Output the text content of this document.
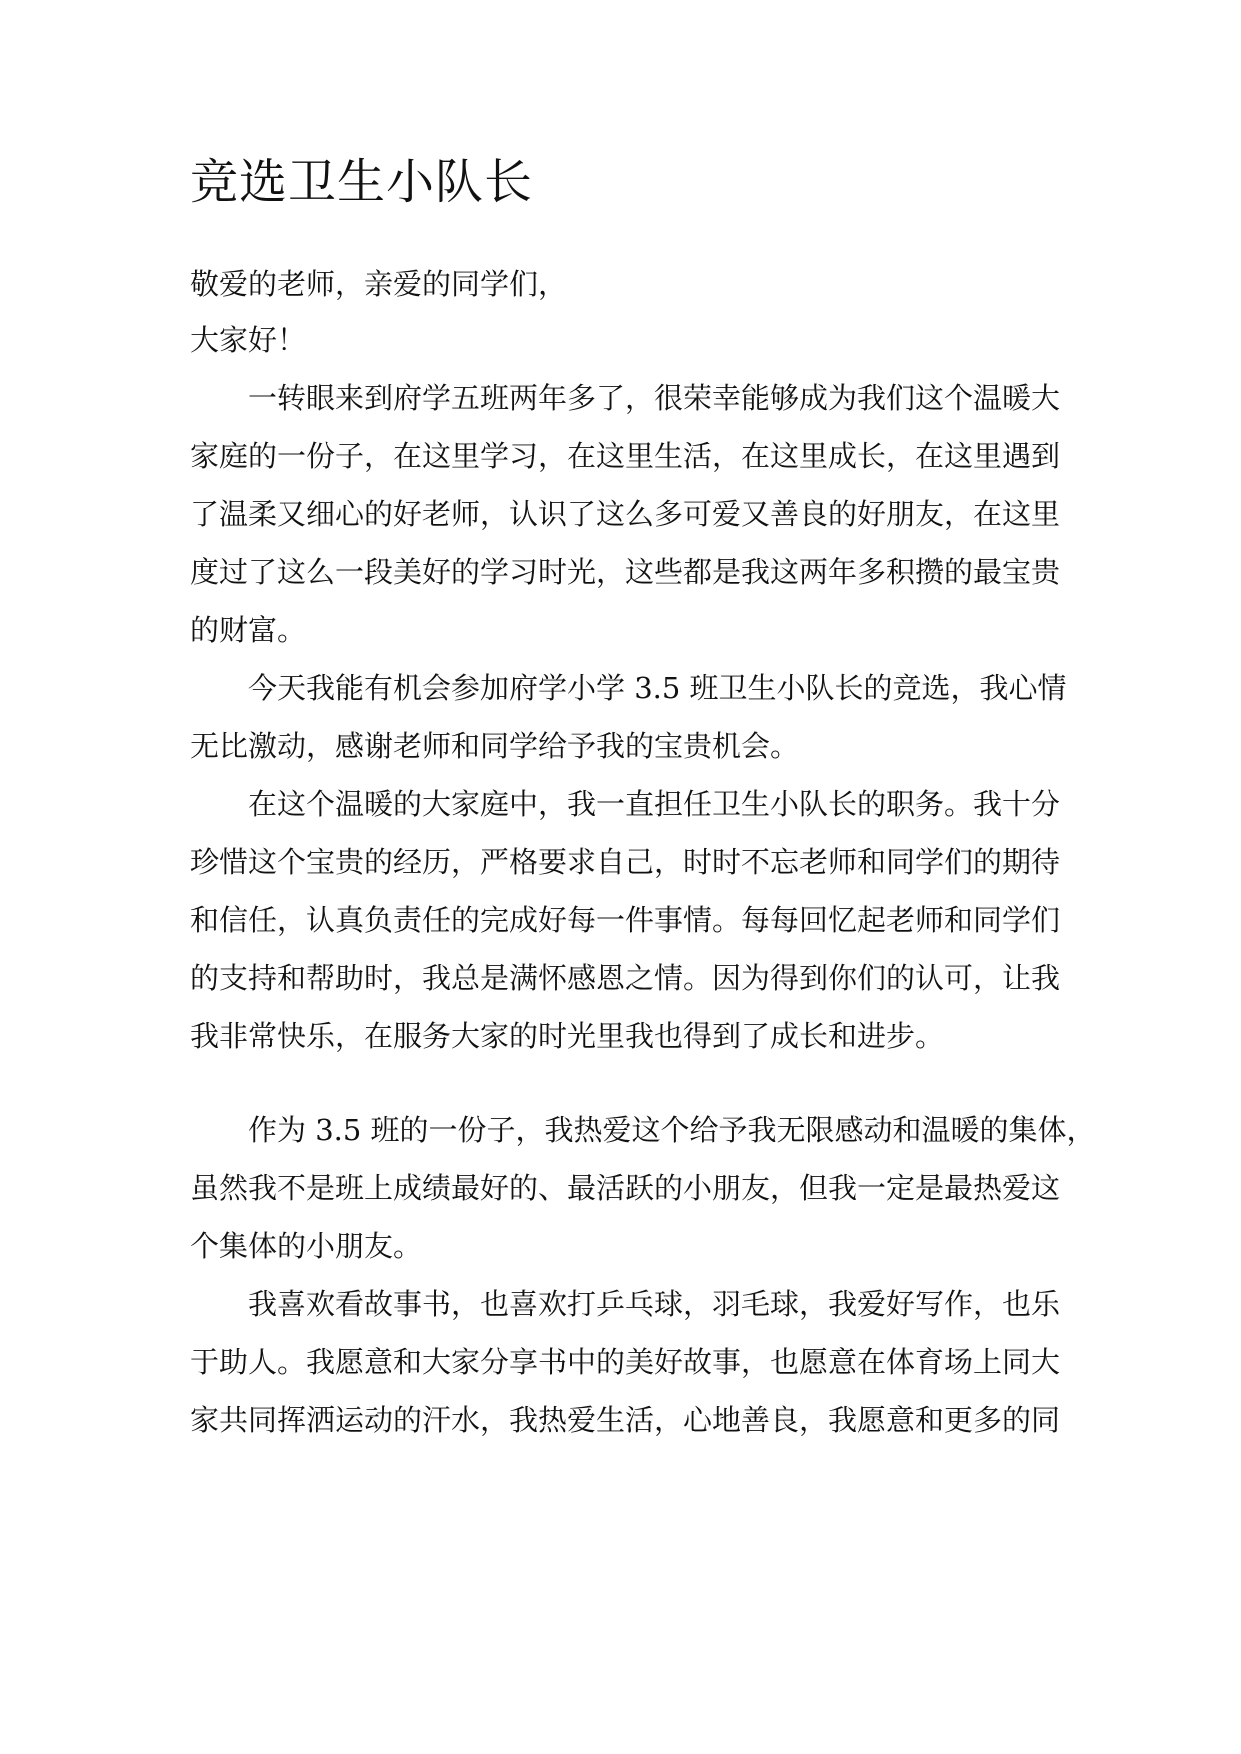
竞选卫生小队长

敬爱的老师，亲爱的同学们，

大家好！

一转眼来到府学五班两年多了，很荣幸能够成为我们这个温暖大

家庭的一份子，在这里学习，在这里生活，在这里成长，在这里遇到

了温柔又细心的好老师，认识了这么多可爱又善良的好朋友，在这里

度过了这么一段美好的学习时光，这些都是我这两年多积攒的最宝贵

的财富。

今天我能有机会参加府学小学 3.5 班卫生小队长的竞选，我心情

无比激动，感谢老师和同学给予我的宝贵机会。

在这个温暖的大家庭中，我一直担任卫生小队长的职务。我十分

珍惜这个宝贵的经历，严格要求自己，时时不忘老师和同学们的期待

和信任，认真负责任的完成好每一件事情。每每回忆起老师和同学们

的支持和帮助时，我总是满怀感恩之情。因为得到你们的认可，让我

我非常快乐，在服务大家的时光里我也得到了成长和进步。

作为 3.5 班的一份子，我热爱这个给予我无限感动和温暖的集体，

虽然我不是班上成绩最好的、最活跃的小朋友，但我一定是最热爱这

个集体的小朋友。

我喜欢看故事书，也喜欢打乒乓球，羽毛球，我爱好写作，也乐

于助人。我愿意和大家分享书中的美好故事，也愿意在体育场上同大

家共同挥洒运动的汗水，我热爱生活，心地善良，我愿意和更多的同
